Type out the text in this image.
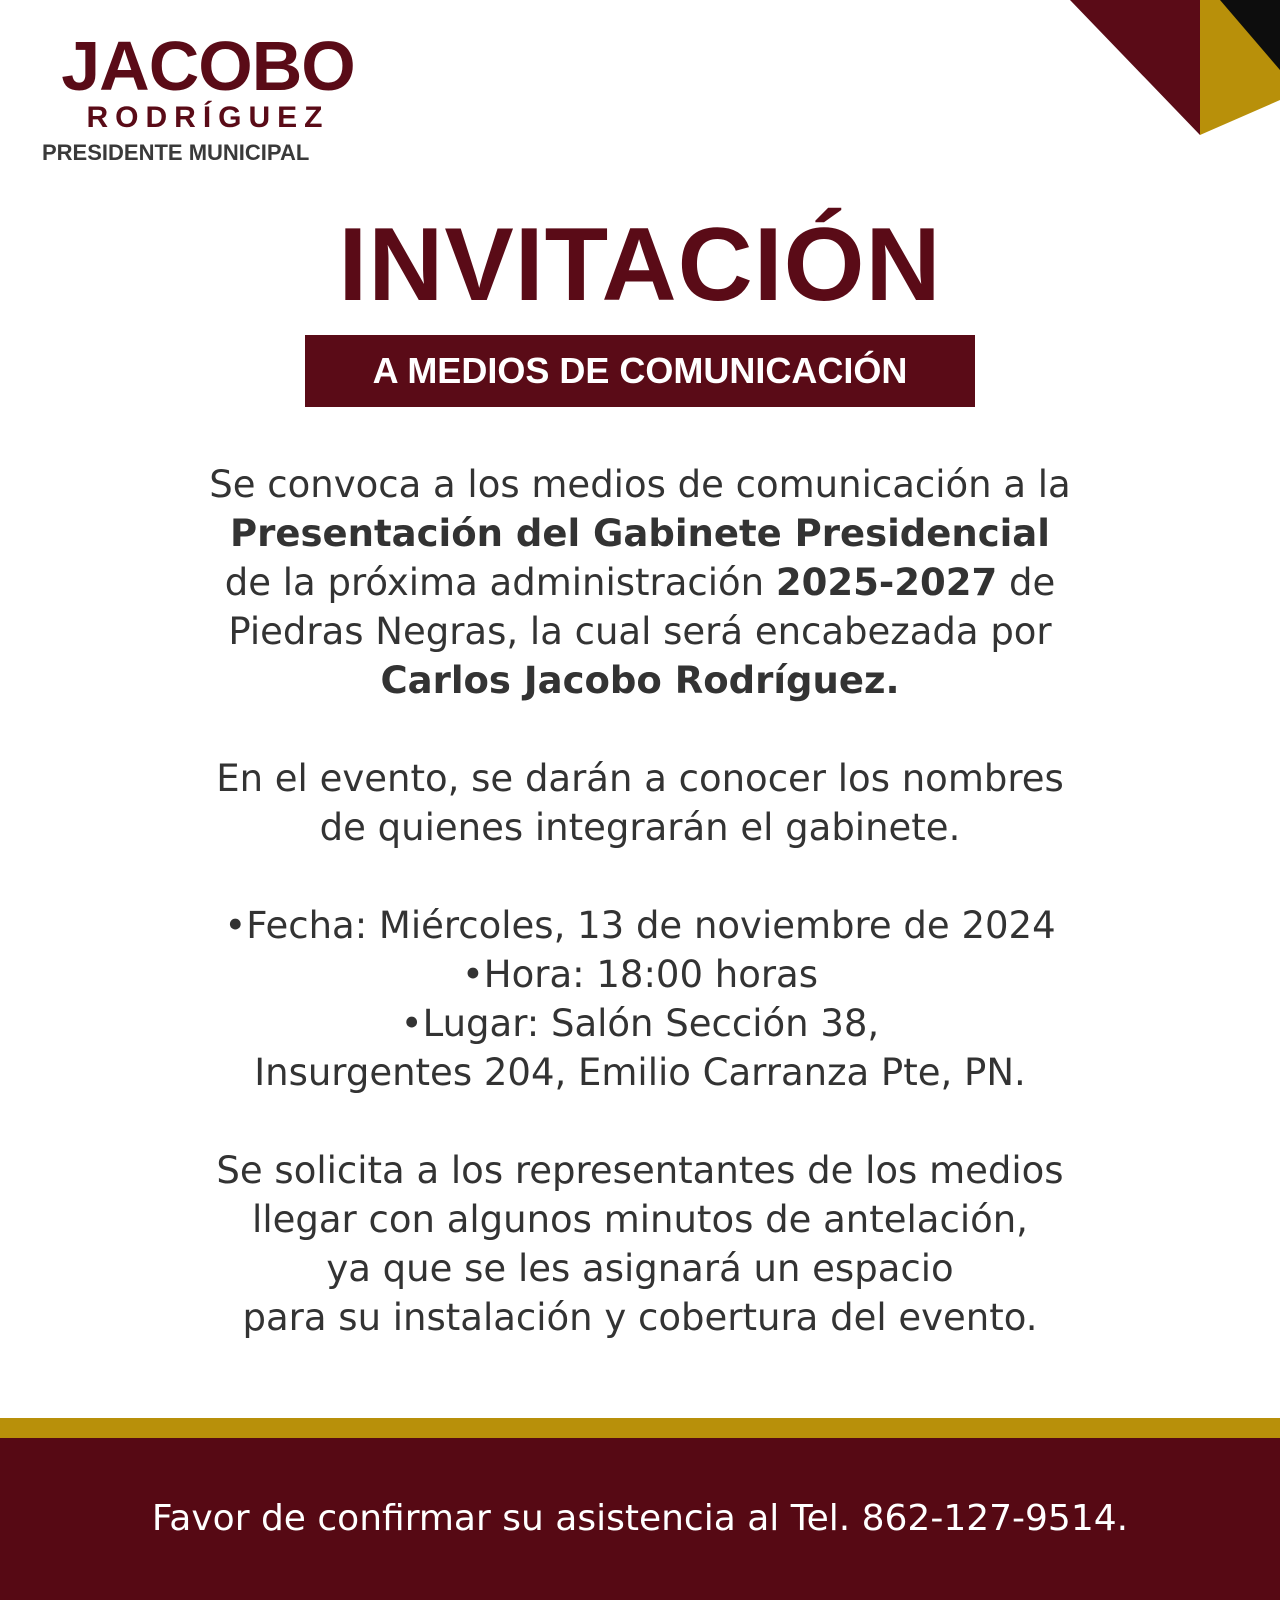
JACOBO

RODRÍGUEZ

PRESIDENTE MUNICIPAL

INVITACIÓN
A MEDIOS DE COMUNICACIÓN

Se convoca a los medios de comunicación a la

Presentación del Gabinete Presidencial

de la próxima administración 2025-2027 de

Piedras Negras, la cual será encabezada por

Carlos Jacobo Rodríguez.

En el evento, se darán a conocer los nombres

de quienes integrarán el gabinete.

•Fecha: Miércoles, 13 de noviembre de 2024

•Hora: 18:00 horas

•Lugar: Salón Sección 38,

Insurgentes 204, Emilio Carranza Pte, PN.

Se solicita a los representantes de los medios

llegar con algunos minutos de antelación,

ya que se les asignará un espacio

para su instalación y cobertura del evento.

Favor de confirmar su asistencia al Tel. 862-127-9514.
